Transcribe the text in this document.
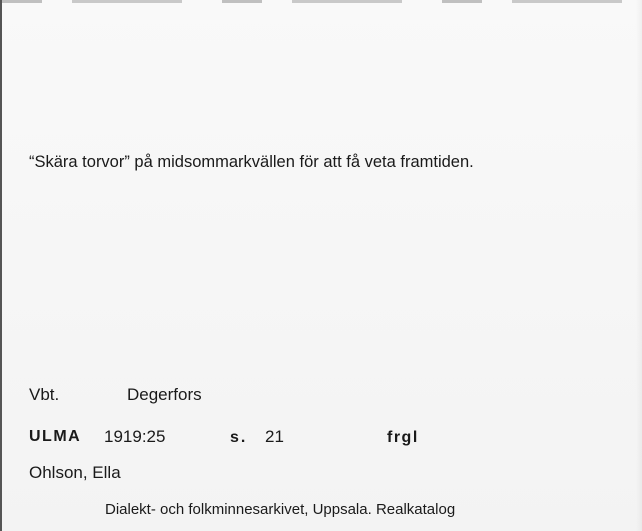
“Skära torvor” på midsommarkvällen för att få veta framtiden.
Vbt.	Degerfors
ULMA 1919:25	s. 21	frgl
Ohlson, Ella
Dialekt- och folkminnesarkivet, Uppsala. Realkatalog
